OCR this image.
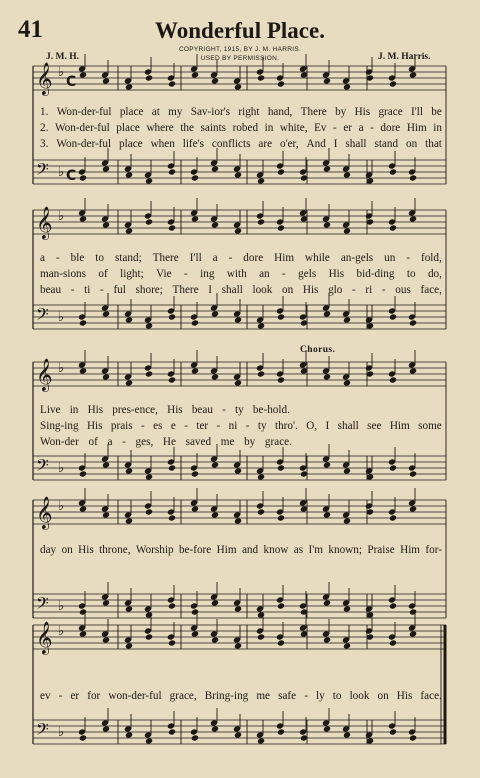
𝄞 ♭
C
𝄢 ♭ C
𝄞 ♭
𝄢 ♭
𝄞 ♭
𝄢 ♭
𝄞 ♭
𝄢 ♭
𝄞 ♭
𝄢 ♭
41	Wonderful Place.
COPYRIGHT, 1915, BY J. M. HARRIS.
USED BY PERMISSION.
J. M. H.	J. M. Harris.
1. Won-der-ful place at my Sav-ior's right hand, There by His grace I'll be
2. Won-der-ful place where the saints robed in white, Ev - er a - dore Him in
3. Won-der-ful place when life's conflicts are o'er, And I shall stand on that
a - ble to stand; There I'll a - dore Him while an-gels un - fold,
man-sions of light; Vie - ing with an - gels His bid-ding to do,
beau - ti - ful shore; There I shall look on His glo - ri - ous face,
Chorus.
Live in His pres-ence, His beau - ty be-hold.
Sing-ing His prais - es e - ter - ni - ty thro'. O, I shall see Him some
Won-der of a - ges, He saved me by grace.
day on His throne, Worship be-fore Him and know as I'm known; Praise Him for-
ev - er for won-der-ful grace, Bring-ing me safe - ly to look on His face.
